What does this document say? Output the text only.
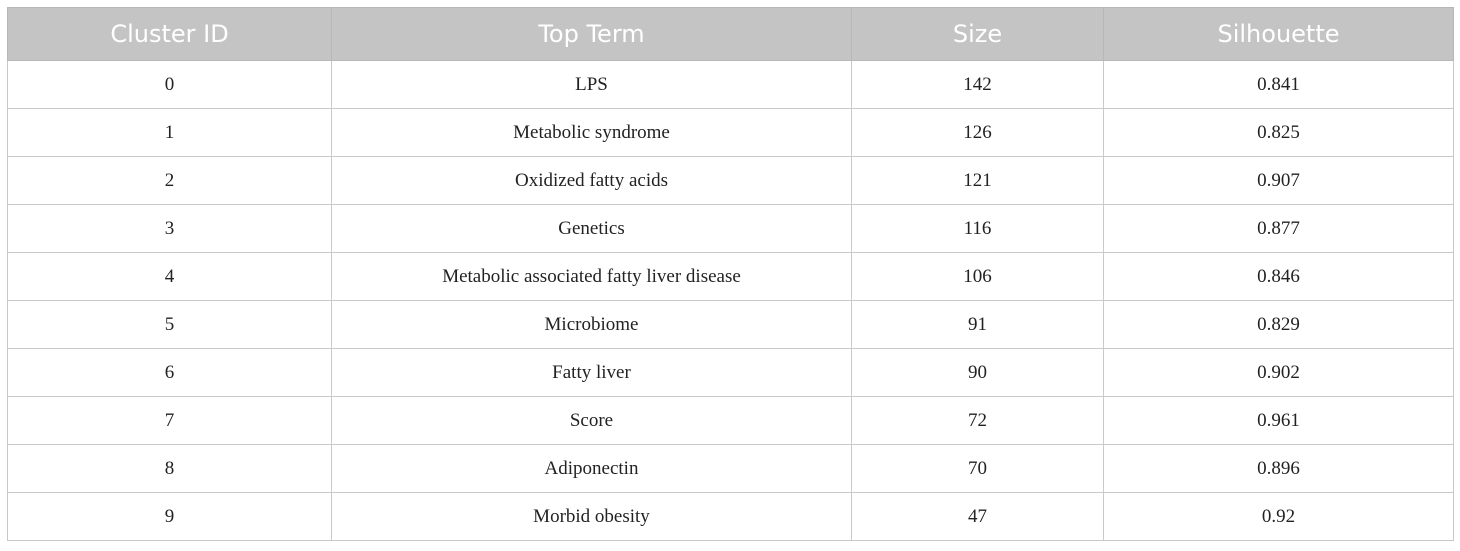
Cluster ID	Top Term	Size	Silhouette
0	LPS	142	0.841
1	Metabolic syndrome	126	0.825
2	Oxidized fatty acids	121	0.907
3	Genetics	116	0.877
4	Metabolic associated fatty liver disease	106	0.846
5	Microbiome	91	0.829
6	Fatty liver	90	0.902
7	Score	72	0.961
8	Adiponectin	70	0.896
9	Morbid obesity	47	0.92
